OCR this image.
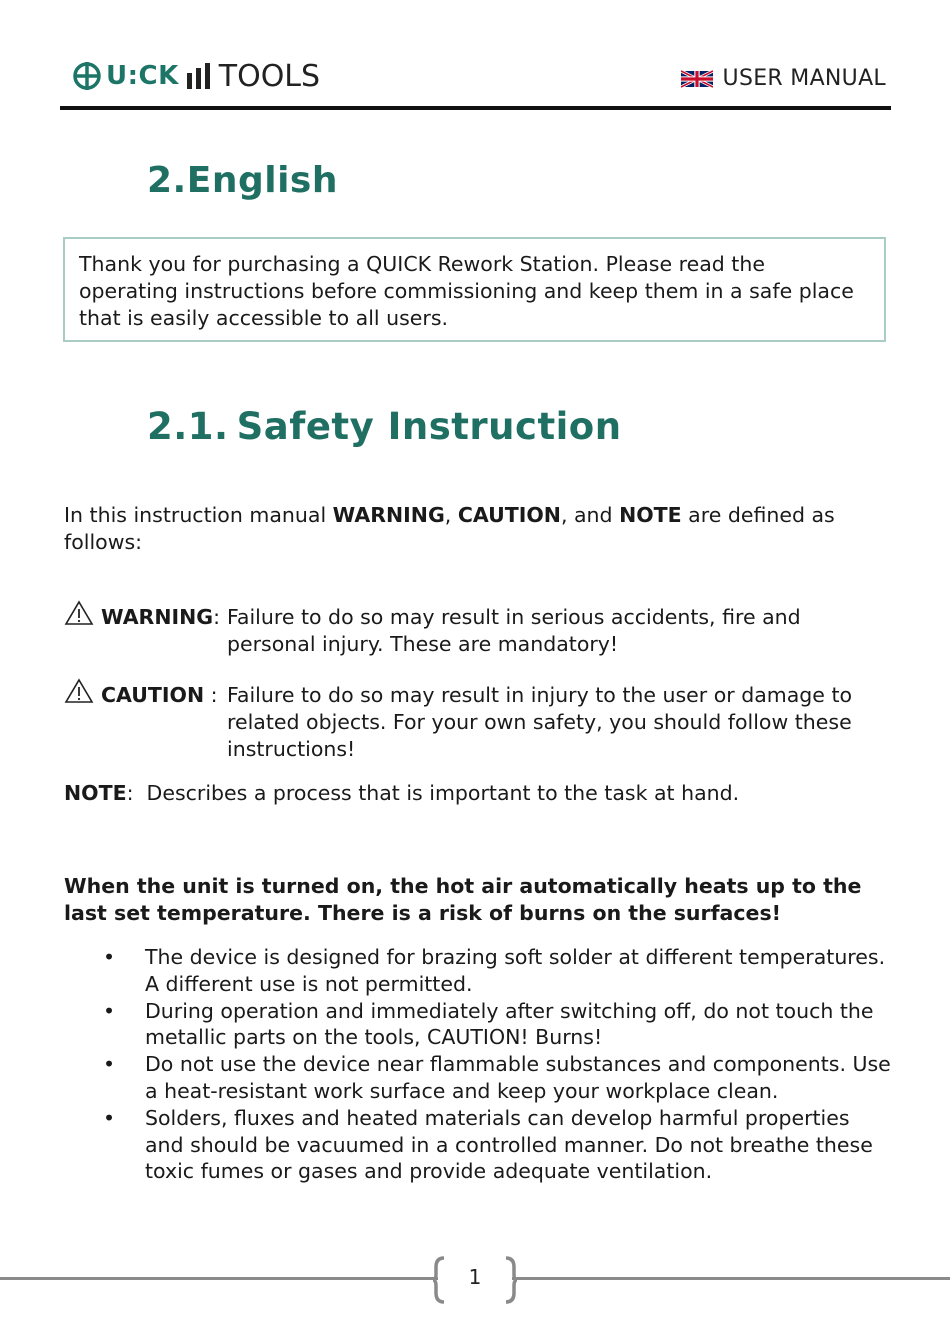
U:CK TOOLS	USER MANUAL
2.English
Thank you for purchasing a QUICK Rework Station. Please read the operating instructions before commissioning and keep them in a safe place that is easily accessible to all users.
2.1. Safety Instruction
In this instruction manual WARNING, CAUTION, and NOTE are defined as follows:
WARNING: Failure to do so may result in serious accidents, fire and personal injury. These are mandatory!
CAUTION : Failure to do so may result in injury to the user or damage to related objects. For your own safety, you should follow these instructions!
NOTE: Describes a process that is important to the task at hand.
When the unit is turned on, the hot air automatically heats up to the last set temperature. There is a risk of burns on the surfaces!
• The device is designed for brazing soft solder at different temperatures. A different use is not permitted.
• During operation and immediately after switching off, do not touch the metallic parts on the tools, CAUTION! Burns!
• Do not use the device near flammable substances and components. Use a heat-resistant work surface and keep your workplace clean.
• Solders, fluxes and heated materials can develop harmful properties and should be vacuumed in a controlled manner. Do not breathe these toxic fumes or gases and provide adequate ventilation.
1
